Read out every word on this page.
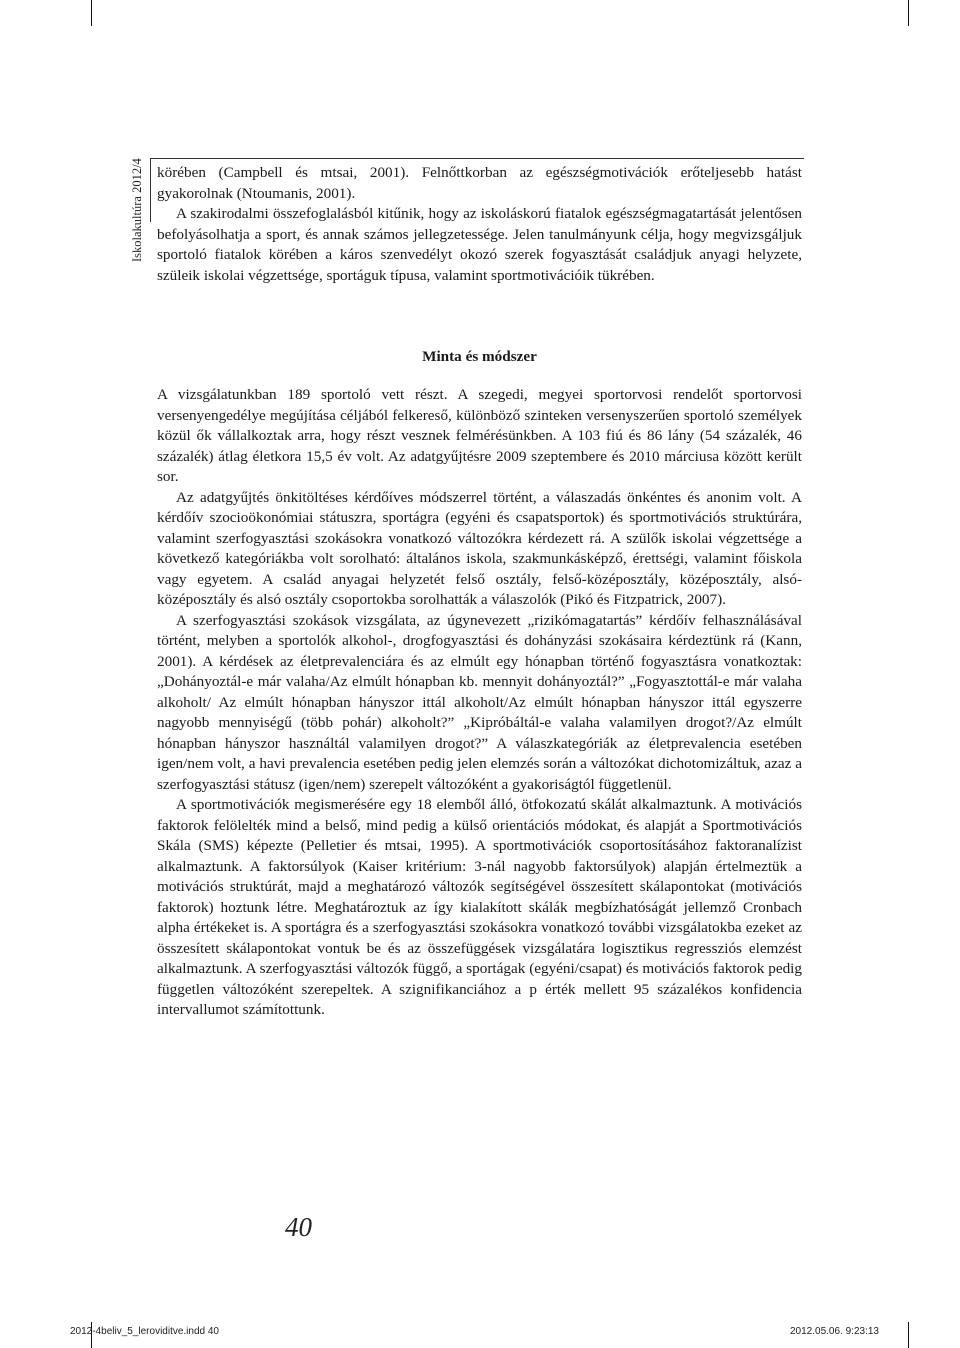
Iskolakultúra 2012/4 körében (Campbell és mtsai, 2001). Felnőttkorban az egészségmotivációk erőteljesebb hatást gyakorolnak (Ntoumanis, 2001).

A szakirodalmi összefoglalásból kitűnik, hogy az iskoláskorú fiatalok egészségmagatartását jelentősen befolyásolhatja a sport, és annak számos jellegzetessége. Jelen tanulmányunk célja, hogy megvizsgáljuk sportoló fiatalok körében a káros szenvedélyt okozó szerek fogyasztását családjuk anyagi helyzete, szüleik iskolai végzettsége, sportáguk típusa, valamint sportmotivációik tükrében.

Minta és módszer

A vizsgálatunkban 189 sportoló vett részt. A szegedi, megyei sportorvosi rendelőt sportorvosi versenyengedélye megújítása céljából felkereső, különböző szinteken versenyszerűen sportoló személyek közül ők vállalkoztak arra, hogy részt vesznek felmérésünkben. A 103 fiú és 86 lány (54 százalék, 46 százalék) átlag életkora 15,5 év volt. Az adatgyűjtésre 2009 szeptembere és 2010 márciusa között került sor.

Az adatgyűjtés önkitöltéses kérdőíves módszerrel történt, a válaszadás önkéntes és anonim volt. A kérdőív szocioökonómiai státuszra, sportágra (egyéni és csapatsportok) és sportmotivációs struktúrára, valamint szerfogyasztási szokásokra vonatkozó változókra kérdezett rá. A szülők iskolai végzettsége a következő kategóriákba volt sorolható: általános iskola, szakmunkásképző, érettségi, valamint főiskola vagy egyetem. A család anyagai helyzetét felső osztály, felső-középosztály, középosztály, alsó-középosztály és alsó osztály csoportokba sorolhatták a válaszolók (Pikó és Fitzpatrick, 2007).

A szerfogyasztási szokások vizsgálata, az úgynevezett „rizikómagatartás” kérdőív felhasználásával történt, melyben a sportolók alkohol-, drogfogyasztási és dohányzási szokásaira kérdeztünk rá (Kann, 2001). A kérdések az életprevalenciára és az elmúlt egy hónapban történő fogyasztásra vonatkoztak: „Dohányoztál-e már valaha/Az elmúlt hónapban kb. mennyit dohányoztál?” „Fogyasztottál-e már valaha alkoholt/ Az elmúlt hónapban hányszor ittál alkoholt/Az elmúlt hónapban hányszor ittál egyszerre nagyobb mennyiségű (több pohár) alkoholt?” „Kipróbáltál-e valaha valamilyen drogot?/Az elmúlt hónapban hányszor használtál valamilyen drogot?” A válaszkategóriák az életprevalencia esetében igen/nem volt, a havi prevalencia esetében pedig jelen elemzés során a változókat dichotomizáltuk, azaz a szerfogyasztási státusz (igen/nem) szerepelt változóként a gyakoriságtól függetlenül.

A sportmotivációk megismerésére egy 18 elemből álló, ötfokozatú skálát alkalmaztunk. A motivációs faktorok felölelték mind a belső, mind pedig a külső orientációs módokat, és alapját a Sportmotivációs Skála (SMS) képezte (Pelletier és mtsai, 1995). A sportmotivációk csoportosításához faktoranalízist alkalmaztunk. A faktorsúlyok (Kaiser kritérium: 3-nál nagyobb faktorsúlyok) alapján értelmeztük a motivációs struktúrát, majd a meghatározó változók segítségével összesített skálapontokat (motivációs faktorok) hoztunk létre. Meghatároztuk az így kialakított skálák megbízhatóságát jellemző Cronbach alpha értékeket is. A sportágra és a szerfogyasztási szokásokra vonatkozó további vizsgálatokba ezeket az összesített skálapontokat vontuk be és az összefüggések vizsgálatára logisztikus regressziós elemzést alkalmaztunk. A szerfogyasztási változók függő, a sportágak (egyéni/csapat) és motivációs faktorok pedig független változóként szerepeltek. A szignifikanciához a p érték mellett 95 százalékos konfidencia intervallumot számítottunk.

40
2012-4beliv_5_leroviditve.indd 40	2012.05.06. 9:23:13
